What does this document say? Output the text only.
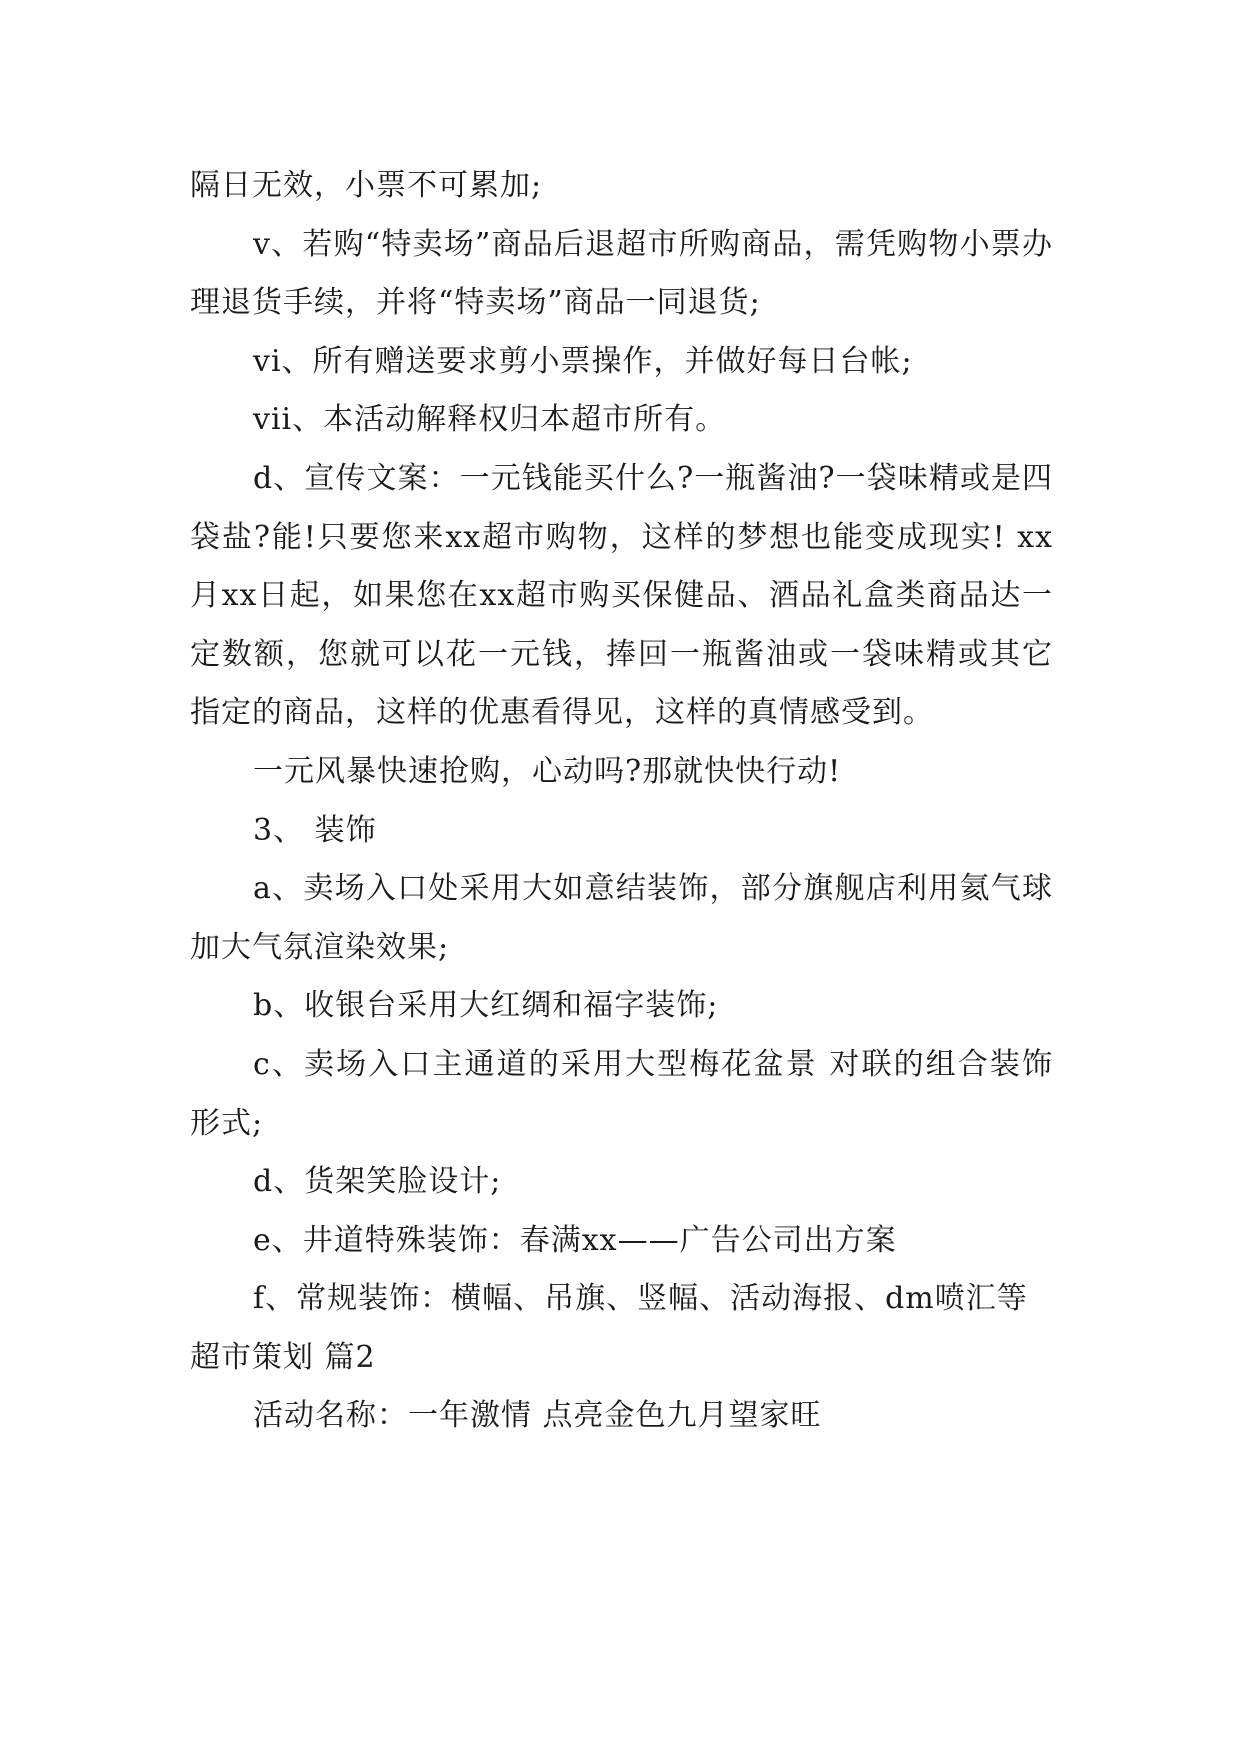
隔日无效，小票不可累加;

v、若购“特卖场”商品后退超市所购商品，需凭购物小票办理退货手续，并将“特卖场”商品一同退货;

vi、所有赠送要求剪小票操作，并做好每日台帐;

vii、本活动解释权归本超市所有。

d、宣传文案：一元钱能买什么?一瓶酱油?一袋味精或是四袋盐?能!只要您来xx超市购物，这样的梦想也能变成现实! xx月xx日起，如果您在xx超市购买保健品、酒品礼盒类商品达一定数额，您就可以花一元钱，捧回一瓶酱油或一袋味精或其它指定的商品，这样的优惠看得见，这样的真情感受到。

一元风暴快速抢购，心动吗?那就快快行动!

3、 装饰

a、卖场入口处采用大如意结装饰，部分旗舰店利用氦气球加大气氛渲染效果;

b、收银台采用大红绸和福字装饰;

c、卖场入口主通道的采用大型梅花盆景 对联的组合装饰形式;

d、货架笑脸设计;

e、井道特殊装饰：春满xx——广告公司出方案

f、常规装饰：横幅、吊旗、竖幅、活动海报、dm喷汇等

超市策划 篇2

活动名称：一年激情 点亮金色九月望家旺
